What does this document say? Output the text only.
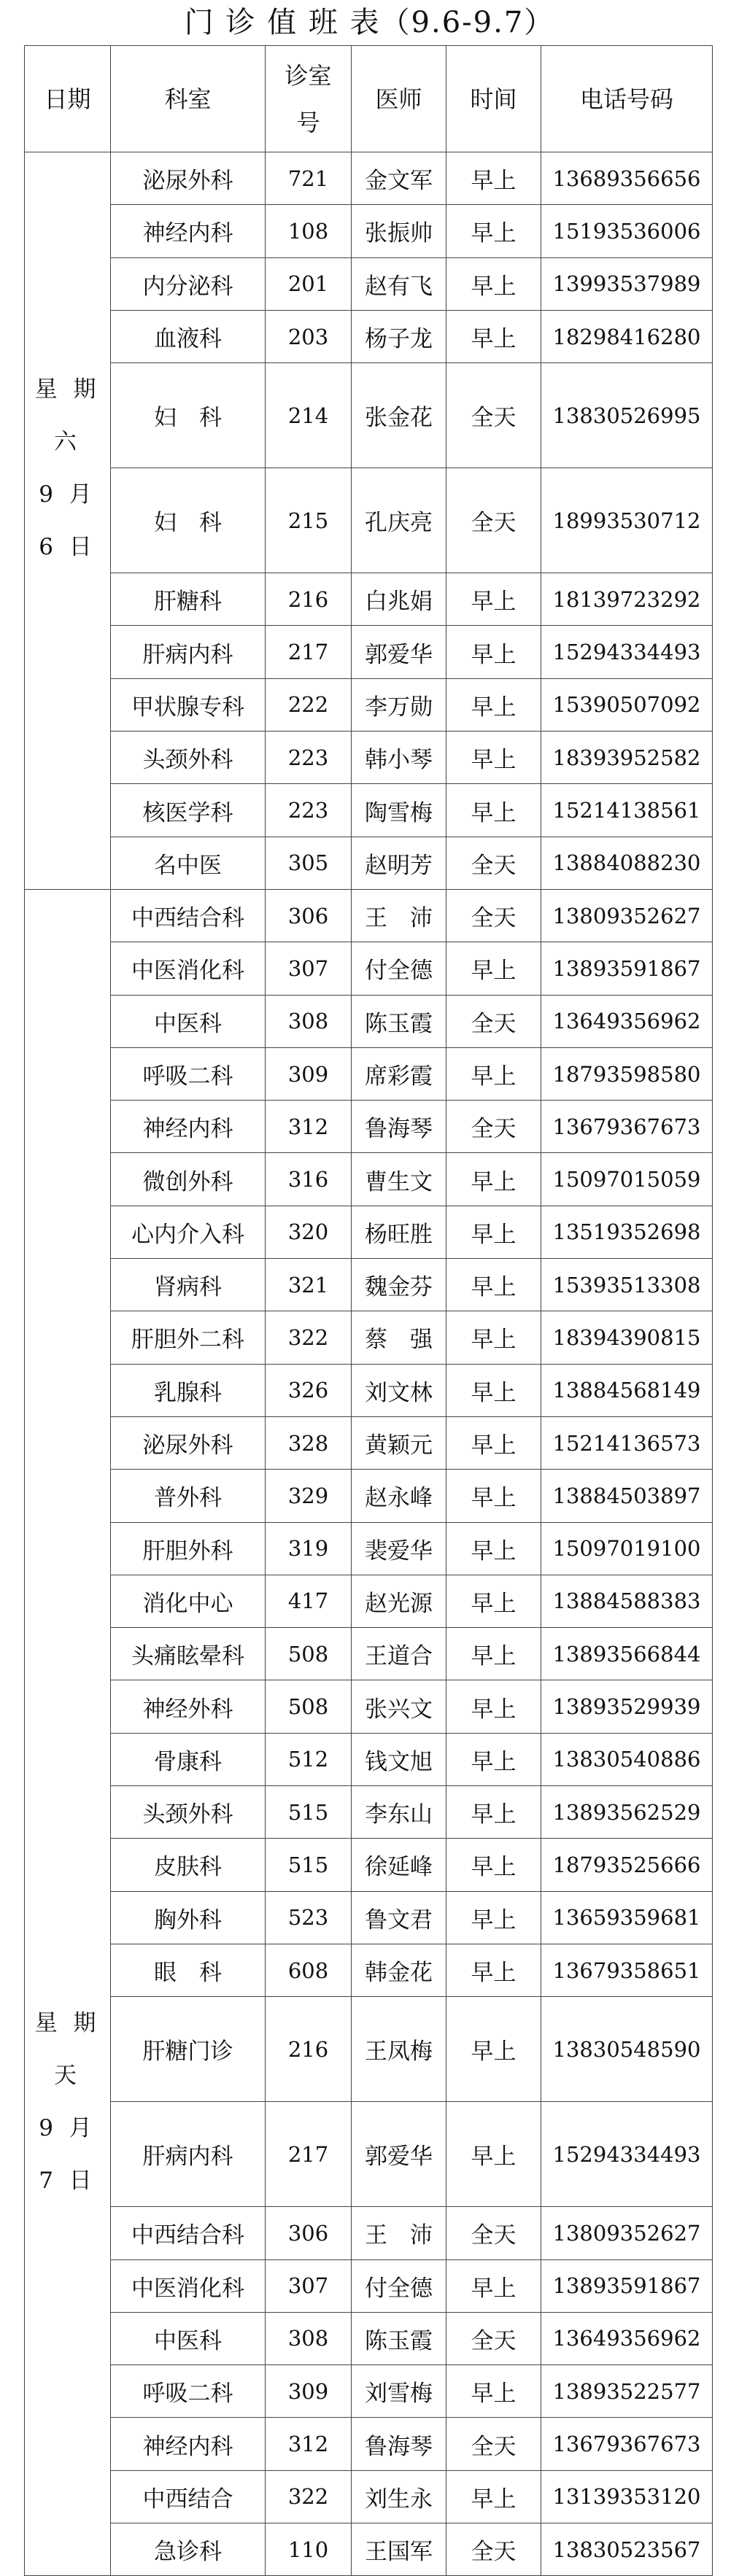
门 诊 值 班 表（9.6-9.7）
日期	科室	诊室号	医师	时间	电话号码
	泌尿外科	721	金文军	早上	13689356656
	神经内科	108	张振帅	早上	15193536006
	内分泌科	201	赵有飞	早上	13993537989
	血液科	203	杨子龙	早上	18298416280
星 期 六	妇　科	214	张金花	全天	13830526995
9 月 6 日	妇　科	215	孔庆亮	全天	18993530712
	肝糖科	216	白兆娟	早上	18139723292
	肝病内科	217	郭爱华	早上	15294334493
	甲状腺专科	222	李万勋	早上	15390507092
	头颈外科	223	韩小琴	早上	18393952582
	核医学科	223	陶雪梅	早上	15214138561
	名中医	305	赵明芳	全天	13884088230
	中西结合科	306	王　沛	全天	13809352627
	中医消化科	307	付全德	早上	13893591867
	中医科	308	陈玉霞	全天	13649356962
	呼吸二科	309	席彩霞	早上	18793598580
	神经内科	312	鲁海琴	全天	13679367673
	微创外科	316	曹生文	早上	15097015059
	心内介入科	320	杨旺胜	早上	13519352698
	肾病科	321	魏金芬	早上	15393513308
	肝胆外二科	322	蔡　强	早上	18394390815
	乳腺科	326	刘文林	早上	13884568149
	泌尿外科	328	黄颖元	早上	15214136573
	普外科	329	赵永峰	早上	13884503897
	肝胆外科	319	裴爱华	早上	15097019100
	消化中心	417	赵光源	早上	13884588383
	头痛眩晕科	508	王道合	早上	13893566844
	神经外科	508	张兴文	早上	13893529939
	骨康科	512	钱文旭	早上	13830540886
	头颈外科	515	李东山	早上	13893562529
	皮肤科	515	徐延峰	早上	18793525666
	胸外科	523	鲁文君	早上	13659359681
	眼　科	608	韩金花	早上	13679358651
星 期 天	肝糖门诊	216	王凤梅	早上	13830548590
9 月 7 日	肝病内科	217	郭爱华	早上	15294334493
	中西结合科	306	王　沛	全天	13809352627
	中医消化科	307	付全德	早上	13893591867
	中医科	308	陈玉霞	全天	13649356962
	呼吸二科	309	刘雪梅	早上	13893522577
	神经内科	312	鲁海琴	全天	13679367673
	中西结合	322	刘生永	早上	13139353120
	急诊科	110	王国军	全天	13830523567
